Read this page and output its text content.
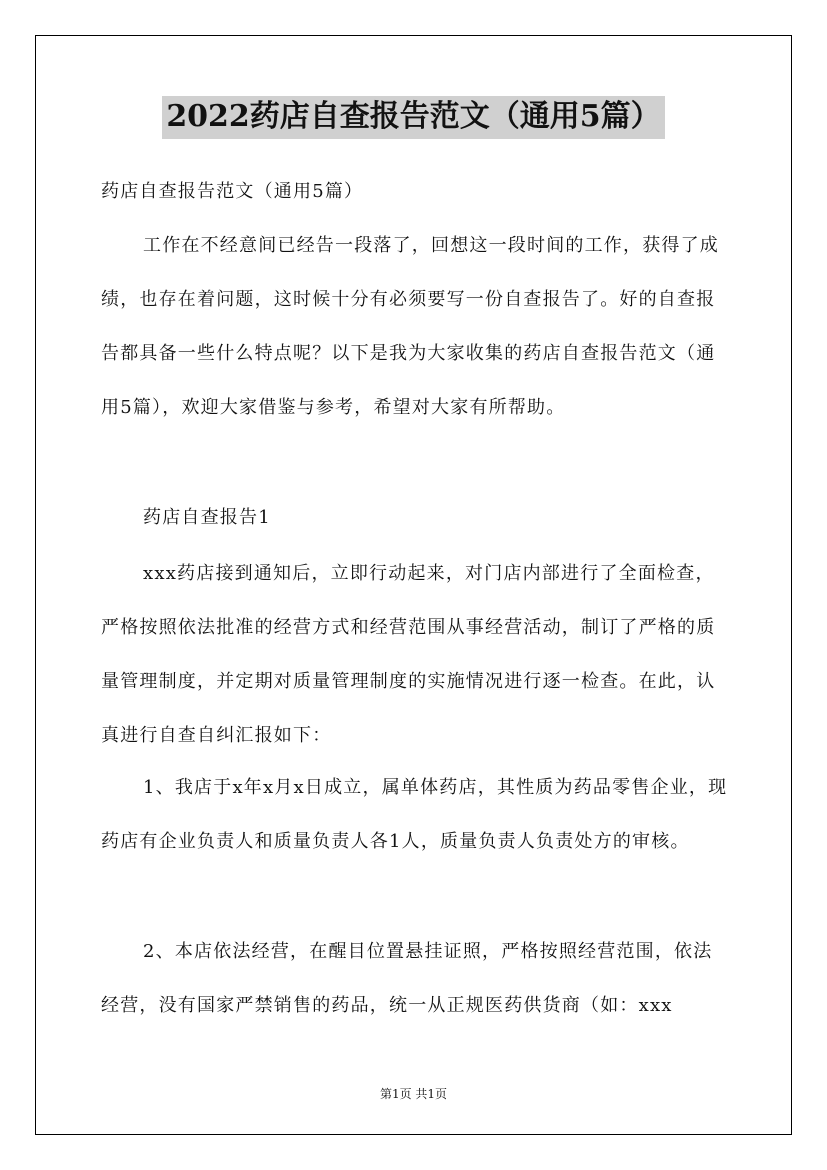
2022药店自查报告范文（通用5篇）

药店自查报告范文（通用5篇）

工作在不经意间已经告一段落了，回想这一段时间的工作，获得了成绩，也存在着问题，这时候十分有必须要写一份自查报告了。好的自查报告都具备一些什么特点呢？以下是我为大家收集的药店自查报告范文（通用5篇），欢迎大家借鉴与参考，希望对大家有所帮助。

药店自查报告1

xxx药店接到通知后，立即行动起来，对门店内部进行了全面检查，严格按照依法批准的经营方式和经营范围从事经营活动，制订了严格的质量管理制度，并定期对质量管理制度的实施情况进行逐一检查。在此，认真进行自查自纠汇报如下：

1、我店于x年x月x日成立，属单体药店，其性质为药品零售企业，现药店有企业负责人和质量负责人各1人，质量负责人负责处方的审核。

2、本店依法经营，在醒目位置悬挂证照，严格按照经营范围，依法经营，没有国家严禁销售的药品，统一从正规医药供货商（如：xxx

第1页 共1页
